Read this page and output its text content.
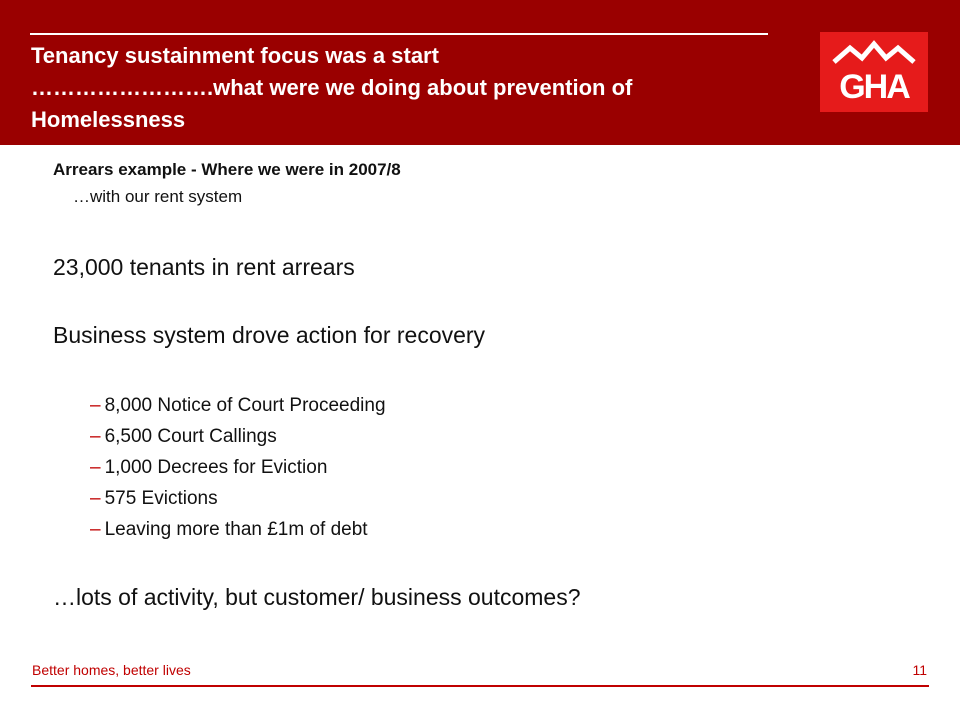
Tenancy sustainment focus was a start
…………………….what were we doing about prevention of
Homelessness
GHA
Arrears example - Where we were in 2007/8
…with our rent system
23,000 tenants in rent arrears
Business system drove action for recovery
– 8,000 Notice of Court Proceeding
– 6,500 Court Callings
– 1,000 Decrees for Eviction
– 575 Evictions
– Leaving more than £1m of debt
…lots of activity, but customer/ business outcomes?
Better homes, better lives	11
